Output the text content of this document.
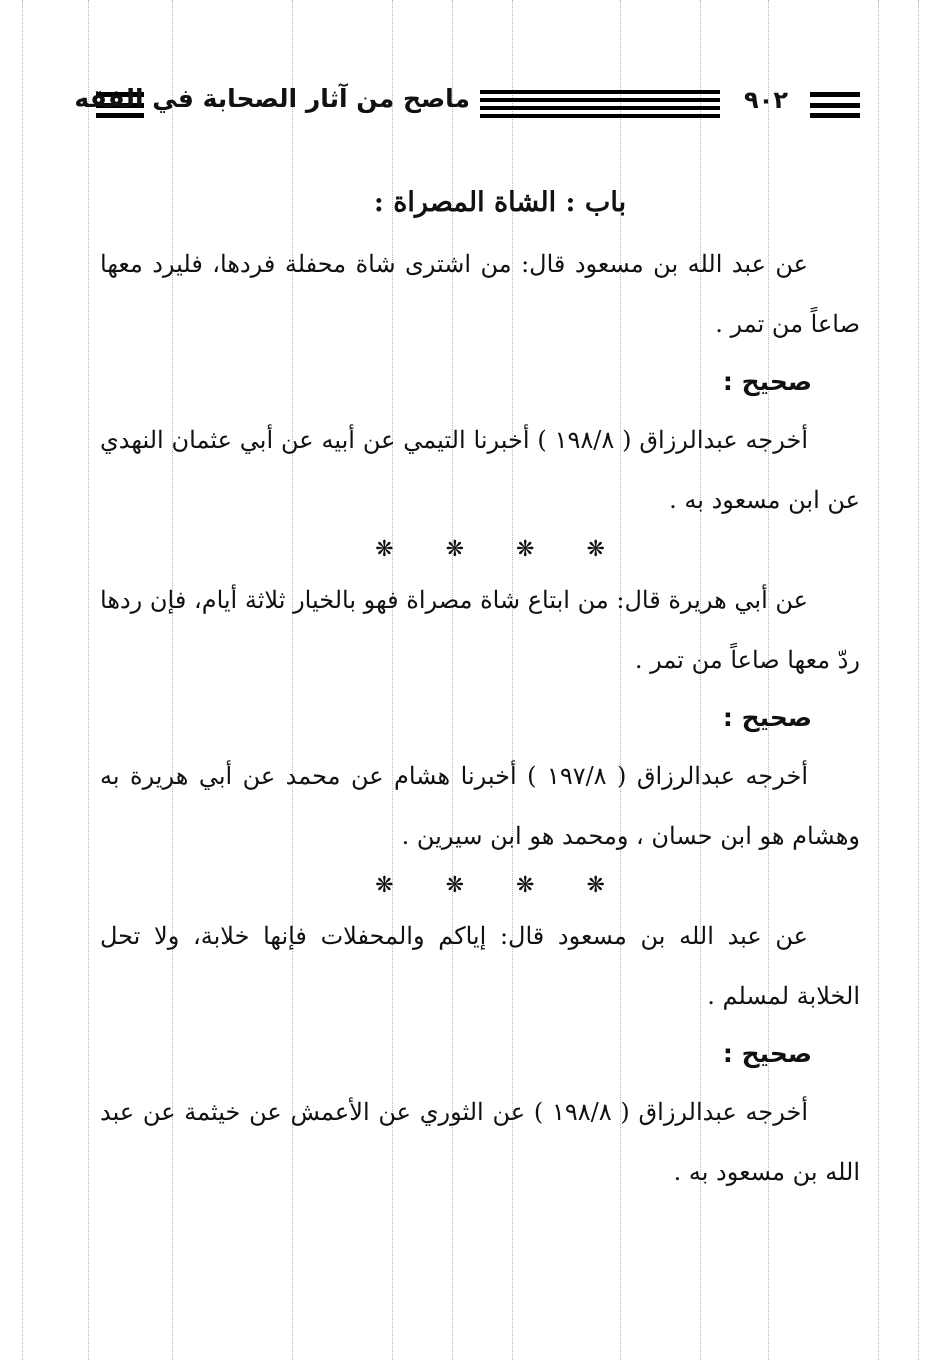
ماصح من آثار الصحابة في الفقه	٩٠٢

باب : الشاة المصراة :

عن عبد الله بن مسعود قال: من اشترى شاة محفلة فردها، فليرد معها صاعاً من تمر .

صحيح :

أخرجه عبدالرزاق ( ١٩٨/٨ ) أخبرنا التيمي عن أبيه عن أبي عثمان النهدي عن ابن مسعود به .

❋ ❋ ❋ ❋

عن أبي هريرة قال: من ابتاع شاة مصراة فهو بالخيار ثلاثة أيام، فإن ردها ردّ معها صاعاً من تمر .

صحيح :

أخرجه عبدالرزاق ( ١٩٧/٨ ) أخبرنا هشام عن محمد عن أبي هريرة به وهشام هو ابن حسان ، ومحمد هو ابن سيرين .

❋ ❋ ❋ ❋

عن عبد الله بن مسعود قال: إياكم والمحفلات فإنها خلابة، ولا تحل الخلابة لمسلم .

صحيح :

أخرجه عبدالرزاق ( ١٩٨/٨ ) عن الثوري عن الأعمش عن خيثمة عن عبد الله بن مسعود به .
